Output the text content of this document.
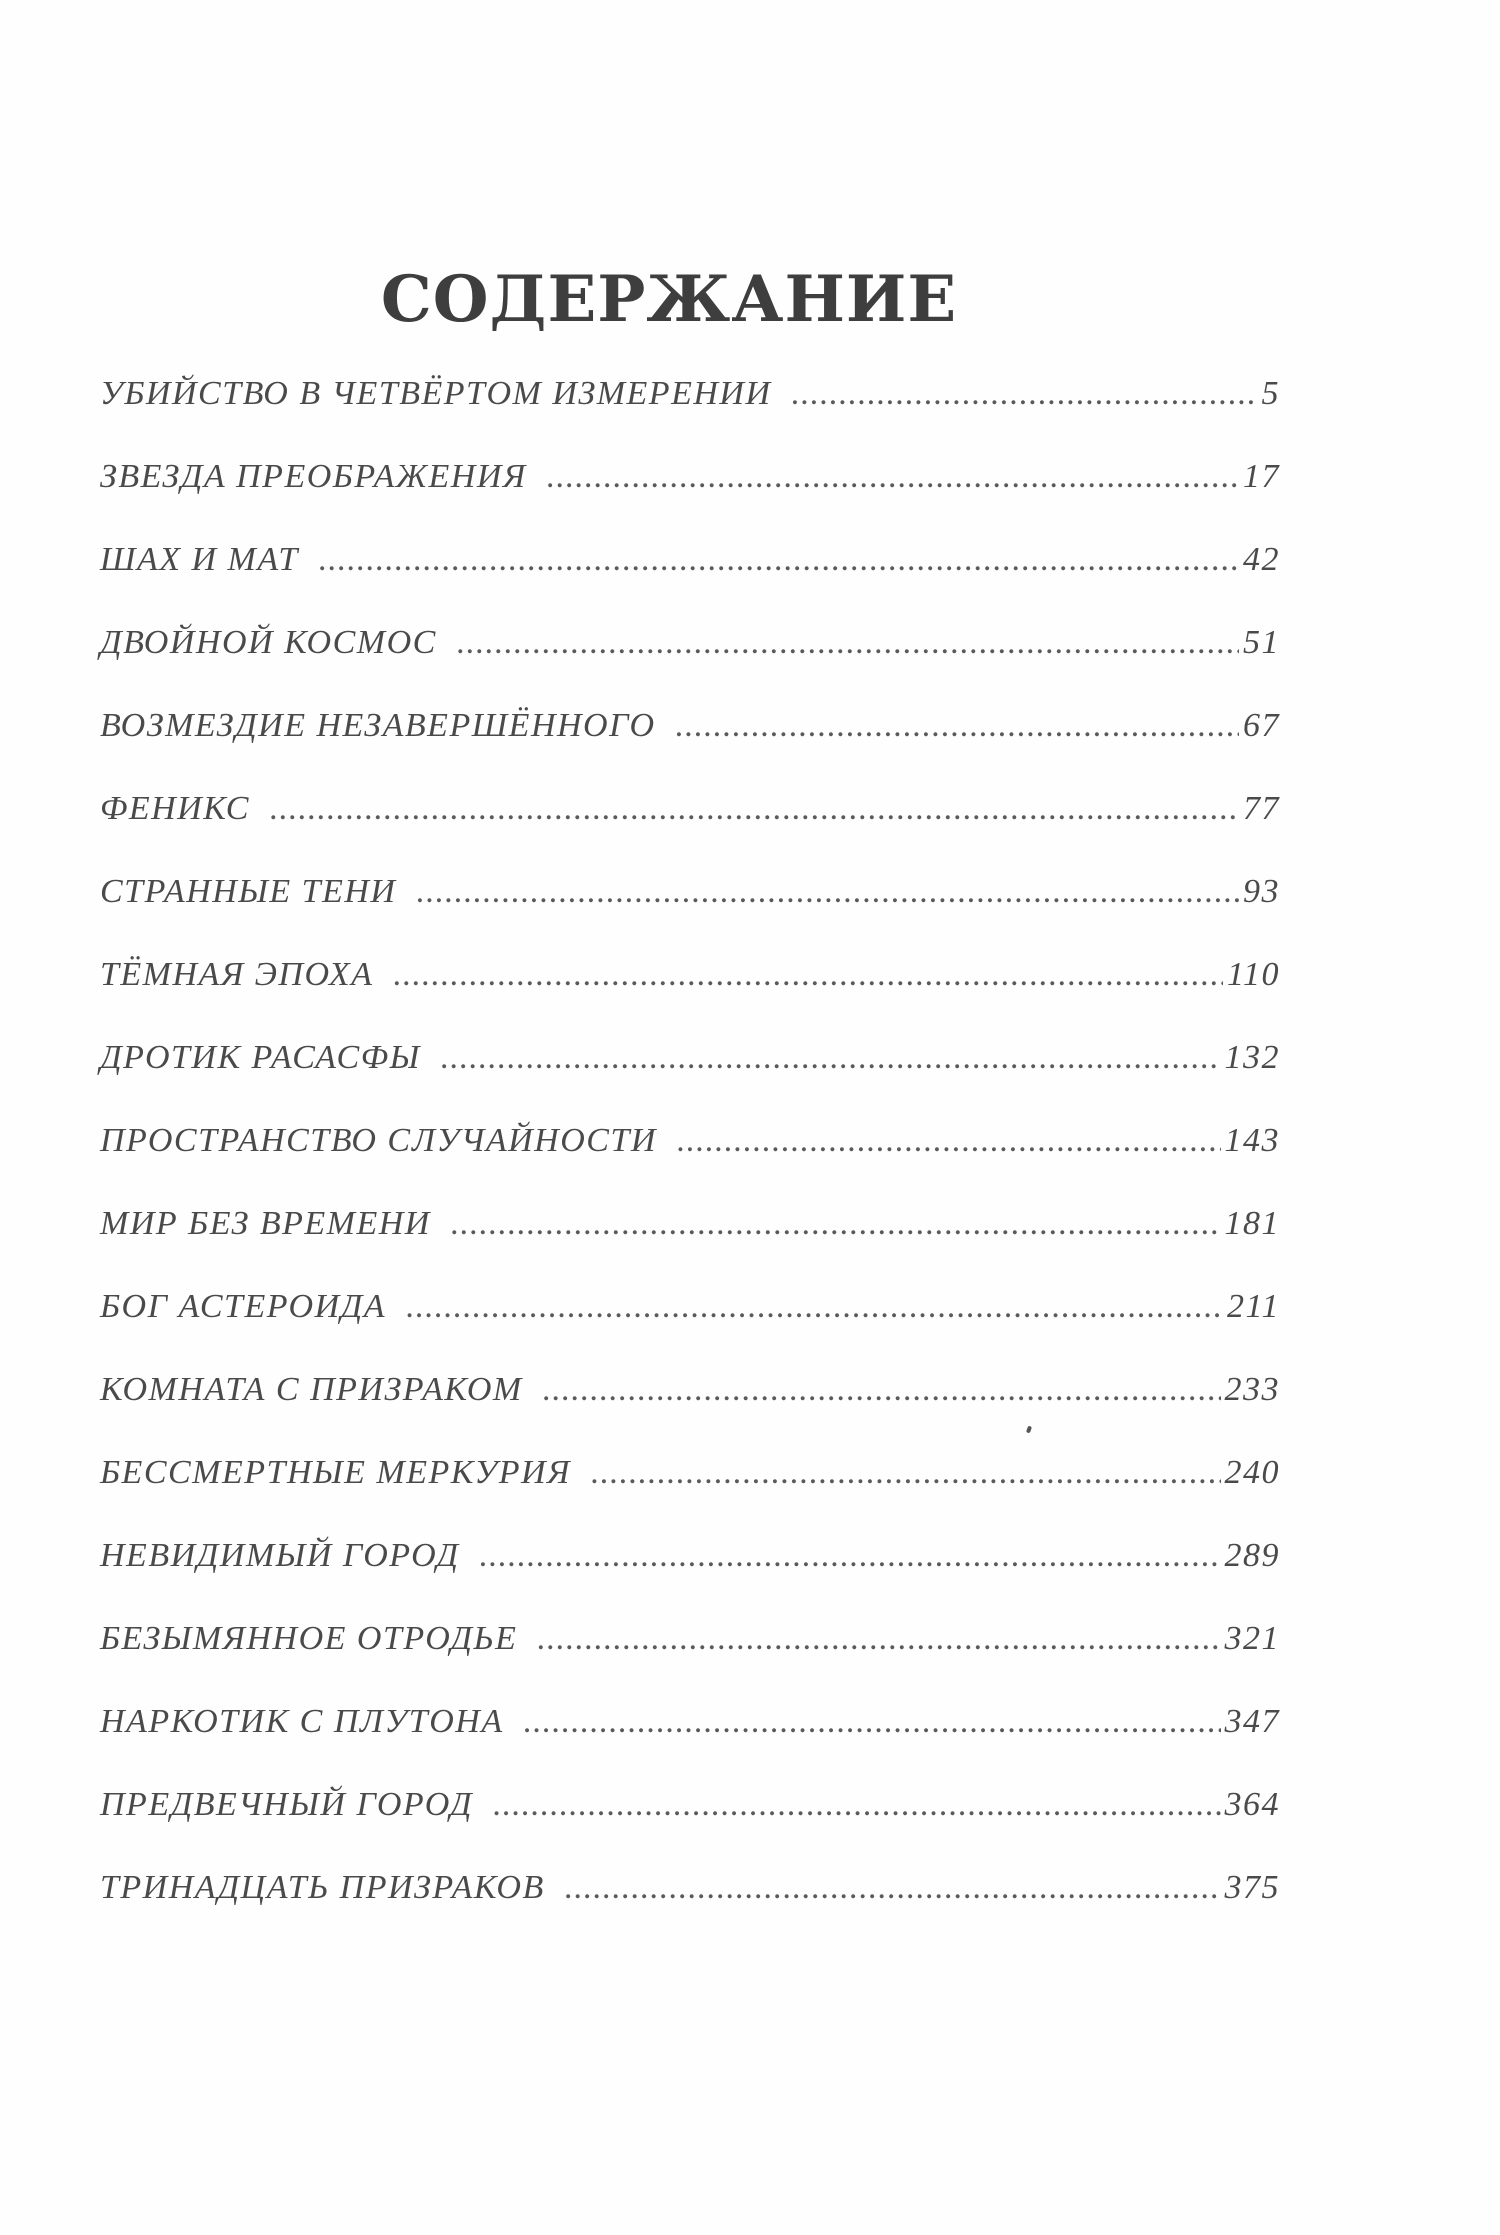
СОДЕРЖАНИЕ
УБИЙСТВО В ЧЕТВЁРТОМ ИЗМЕРЕНИИ .....	5
ЗВЕЗДА ПРЕОБРАЖЕНИЯ .....	17
ШАХ И МАТ .....	42
ДВОЙНОЙ КОСМОС .....	51
ВОЗМЕЗДИЕ НЕЗАВЕРШЁННОГО .....	67
ФЕНИКС .....	77
СТРАННЫЕ ТЕНИ .....	93
ТЁМНАЯ ЭПОХА .....	110
ДРОТИК РАСАСФЫ .....	132
ПРОСТРАНСТВО СЛУЧАЙНОСТИ .....	143
МИР БЕЗ ВРЕМЕНИ .....	181
БОГ АСТЕРОИДА .....	211
КОМНАТА С ПРИЗРАКОМ .....	233
БЕССМЕРТНЫЕ МЕРКУРИЯ .....	240
НЕВИДИМЫЙ ГОРОД .....	289
БЕЗЫМЯННОЕ ОТРОДЬЕ .....	321
НАРКОТИК С ПЛУТОНА .....	347
ПРЕДВЕЧНЫЙ ГОРОД .....	364
ТРИНАДЦАТЬ ПРИЗРАКОВ .....	375
